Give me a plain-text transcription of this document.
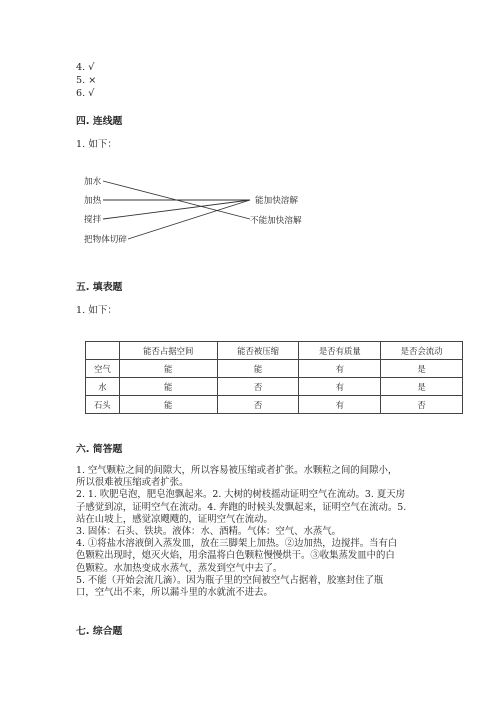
4. √
5. ×
6. √
四. 连线题
1. 如下：
加水
加热
搅拌
把物体切碎
能加快溶解
不能加快溶解
五. 填表题
1. 如下：
	能否占据空间	能否被压缩	是否有质量	是否会流动
空气	能	能	有	是
水	能	否	有	是
石头	能	否	有	否
六. 简答题
1. 空气颗粒之间的间隙大，所以容易被压缩或者扩张。水颗粒之间的间隙小，
所以很难被压缩或者扩张。
2. 1. 吹肥皂泡，肥皂泡飘起来。2. 大树的树枝摇动证明空气在流动。3. 夏天房
子感觉到凉，证明空气在流动。4. 奔跑的时候头发飘起来，证明空气在流动。5.
站在山坡上，感觉凉飕飕的，证明空气在流动。
3. 固体：石头、铁块。液体：水、酒精。气体：空气、水蒸气。
4. ①将盐水溶液倒入蒸发皿，放在三脚架上加热。②边加热，边搅拌。当有白
色颗粒出现时，熄灭火焰，用余温将白色颗粒慢慢烘干。③收集蒸发皿中的白
色颗粒。水加热变成水蒸气，蒸发到空气中去了。
5. 不能（开始会流几滴）。因为瓶子里的空间被空气占据着，胶塞封住了瓶
口，空气出不来，所以漏斗里的水就流不进去。
七. 综合题
